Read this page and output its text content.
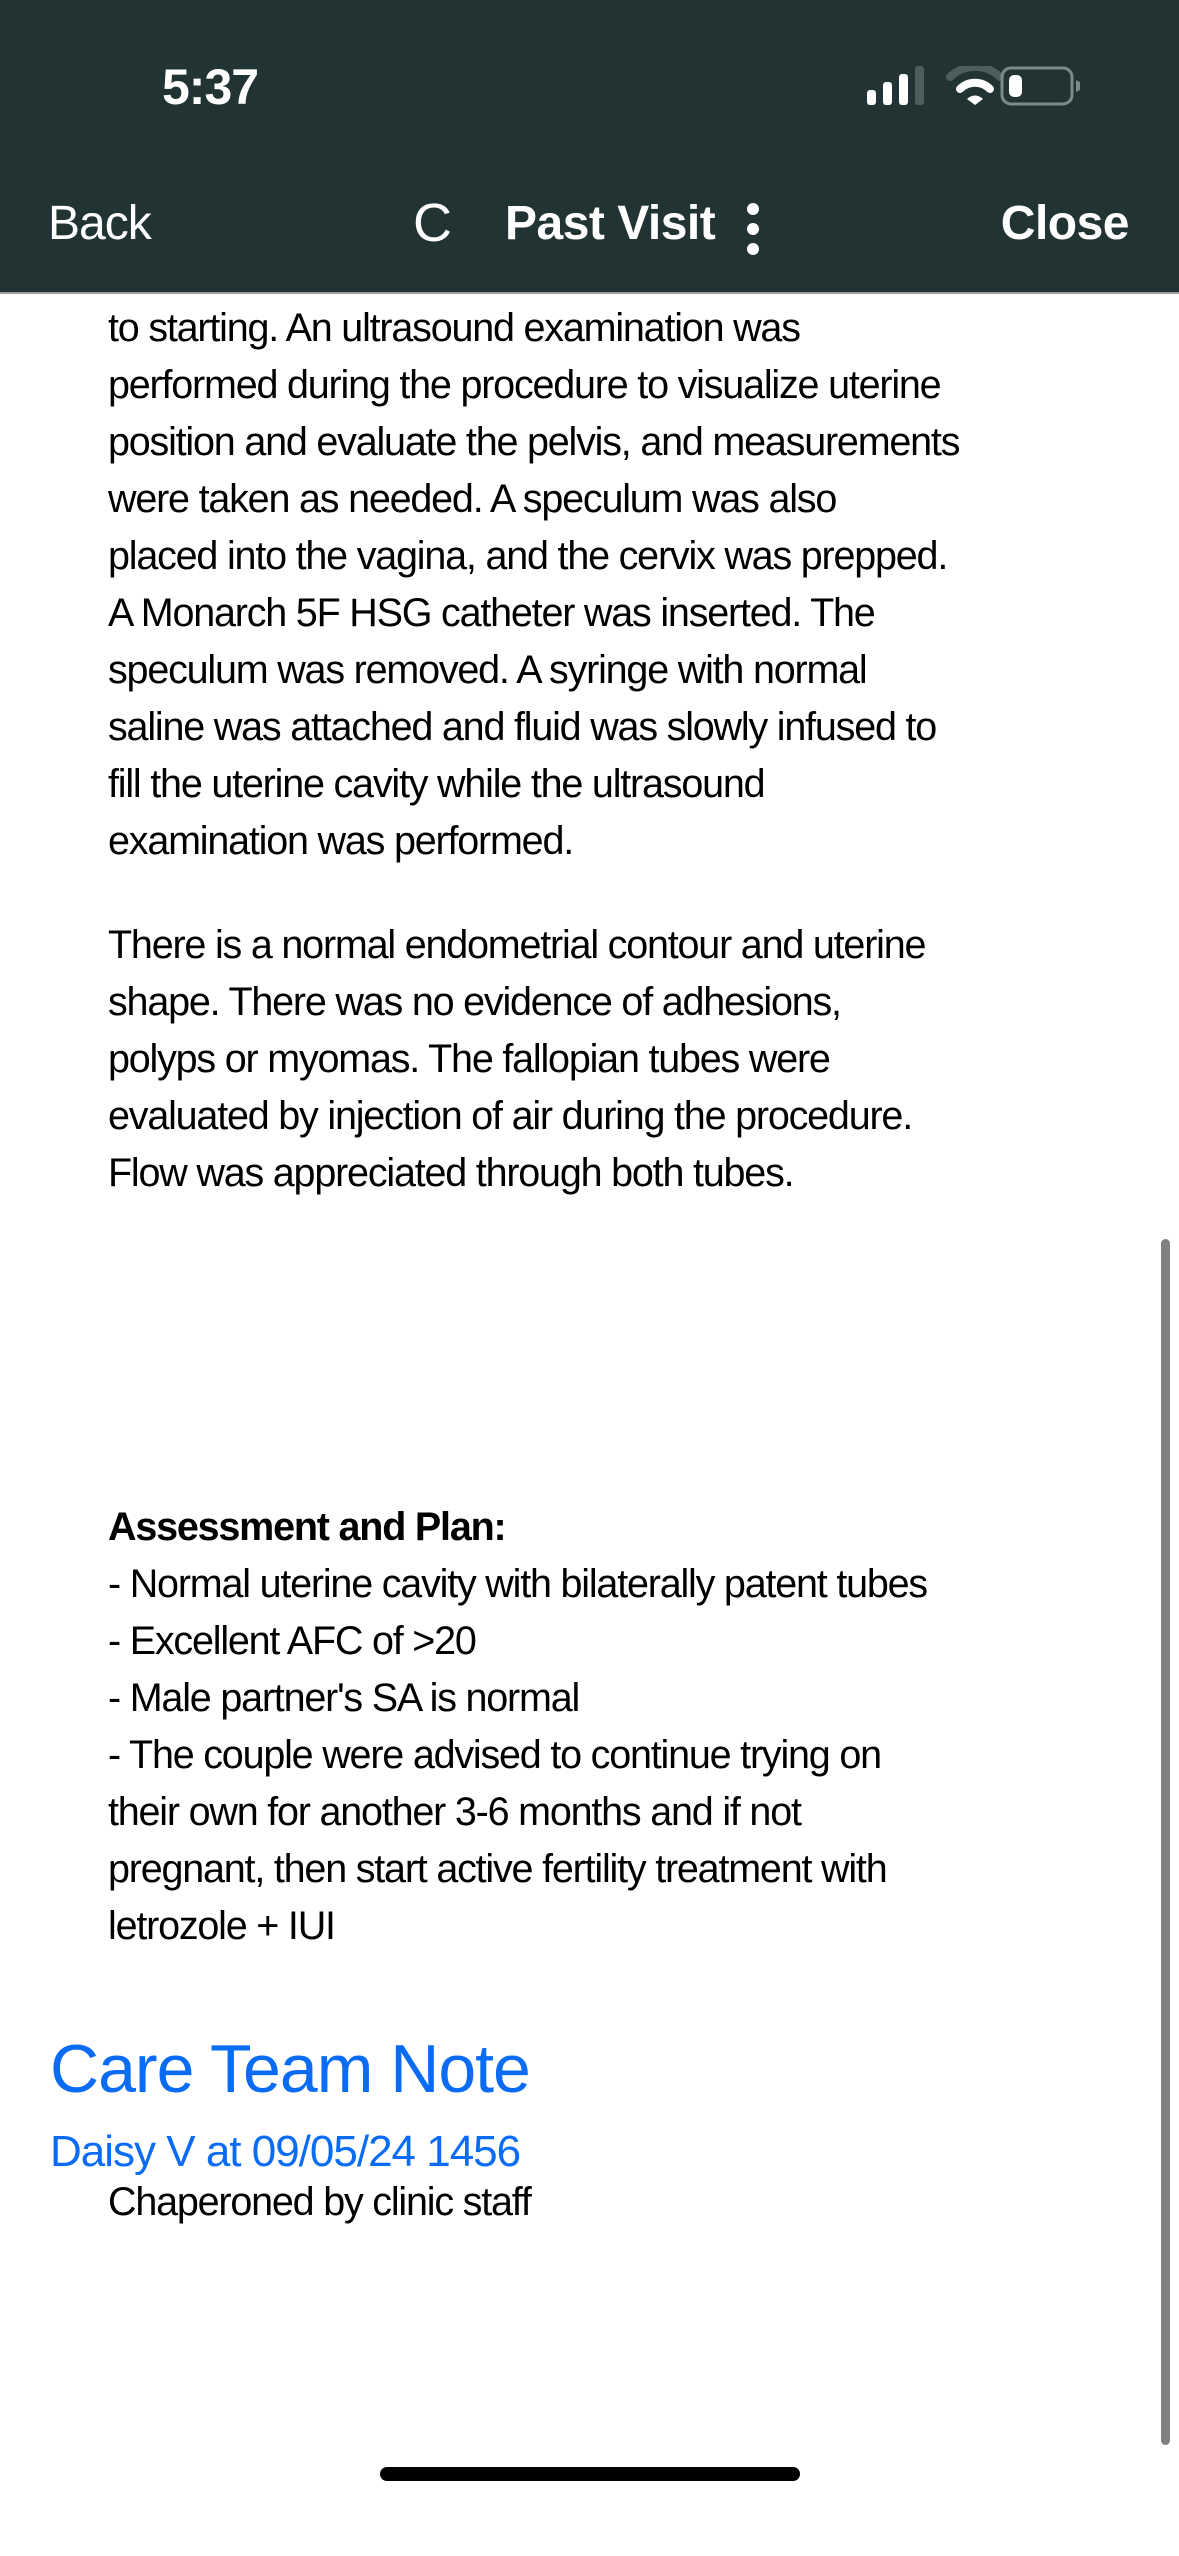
5:37
Back	C Past Visit	Close
to starting. An ultrasound examination was
performed during the procedure to visualize uterine
position and evaluate the pelvis, and measurements
were taken as needed. A speculum was also
placed into the vagina, and the cervix was prepped.
A Monarch 5F HSG catheter was inserted. The
speculum was removed. A syringe with normal
saline was attached and fluid was slowly infused to
fill the uterine cavity while the ultrasound
examination was performed.
There is a normal endometrial contour and uterine
shape. There was no evidence of adhesions,
polyps or myomas. The fallopian tubes were
evaluated by injection of air during the procedure.
Flow was appreciated through both tubes.
Assessment and Plan:
- Normal uterine cavity with bilaterally patent tubes
- Excellent AFC of >20
- Male partner's SA is normal
- The couple were advised to continue trying on
their own for another 3-6 months and if not
pregnant, then start active fertility treatment with
letrozole + IUI
Care Team Note
Daisy V at 09/05/24 1456
Chaperoned by clinic staff
